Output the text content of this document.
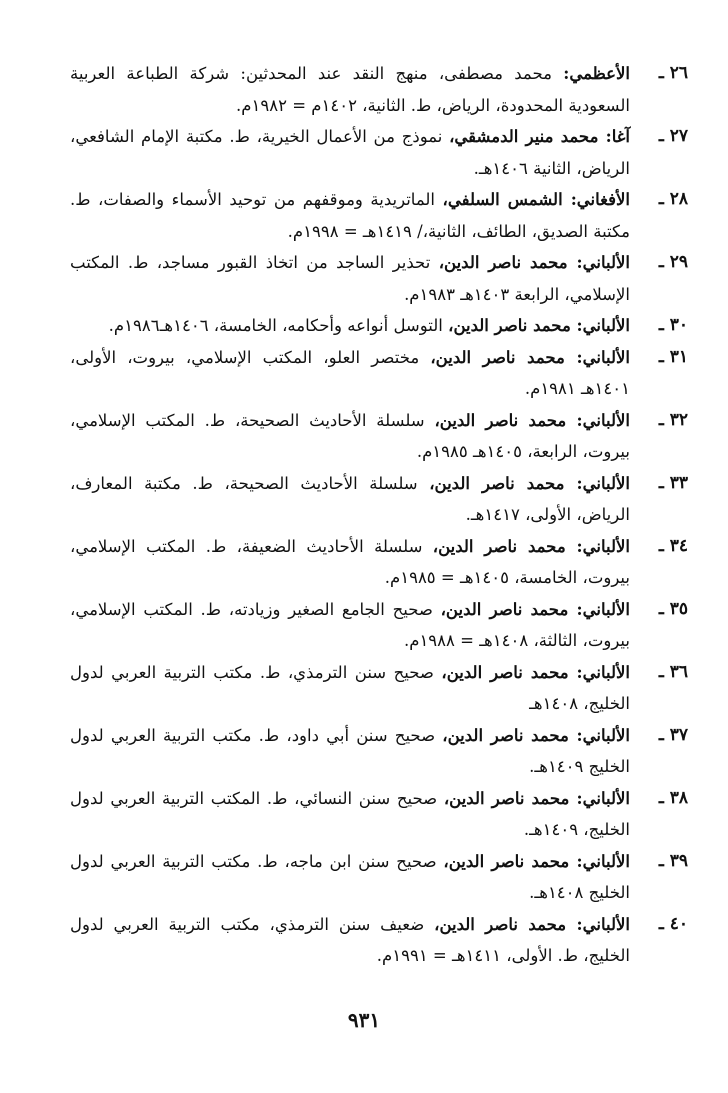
٢٦ ـ
الأعظمي: محمد مصطفى، منهج النقد عند المحدثين: شركة الطباعة العربية السعودية المحدودة، الرياض، ط. الثانية، ١٤٠٢م = ١٩٨٢م.
٢٧ ـ
آغا: محمد منير الدمشقي، نموذج من الأعمال الخيرية، ط. مكتبة الإمام الشافعي، الرياض، الثانية ١٤٠٦هـ.
٢٨ ـ
الأفغاني: الشمس السلفي، الماتريدية وموقفهم من توحيد الأسماء والصفات، ط. مكتبة الصديق، الطائف، الثانية،/ ١٤١٩هـ = ١٩٩٨م.
٢٩ ـ
الألباني: محمد ناصر الدين، تحذير الساجد من اتخاذ القبور مساجد، ط. المكتب الإسلامي، الرابعة ١٤٠٣هـ ١٩٨٣م.
٣٠ ـ
الألباني: محمد ناصر الدين، التوسل أنواعه وأحكامه، الخامسة، ١٤٠٦هـ١٩٨٦م.
٣١ ـ
الألباني: محمد ناصر الدين، مختصر العلو، المكتب الإسلامي، بيروت، الأولى، ١٤٠١هـ ١٩٨١م.
٣٢ ـ
الألباني: محمد ناصر الدين، سلسلة الأحاديث الصحيحة، ط. المكتب الإسلامي، بيروت، الرابعة، ١٤٠٥هـ ١٩٨٥م.
٣٣ ـ
الألباني: محمد ناصر الدين، سلسلة الأحاديث الصحيحة، ط. مكتبة المعارف، الرياض، الأولى، ١٤١٧هـ.
٣٤ ـ
الألباني: محمد ناصر الدين، سلسلة الأحاديث الضعيفة، ط. المكتب الإسلامي، بيروت، الخامسة، ١٤٠٥هـ = ١٩٨٥م.
٣٥ ـ
الألباني: محمد ناصر الدين، صحيح الجامع الصغير وزيادته، ط. المكتب الإسلامي، بيروت، الثالثة، ١٤٠٨هـ = ١٩٨٨م.
٣٦ ـ
الألباني: محمد ناصر الدين، صحيح سنن الترمذي، ط. مكتب التربية العربي لدول الخليج، ١٤٠٨هـ
٣٧ ـ
الألباني: محمد ناصر الدين، صحيح سنن أبي داود، ط. مكتب التربية العربي لدول الخليج ١٤٠٩هـ.
٣٨ ـ
الألباني: محمد ناصر الدين، صحيح سنن النسائي، ط. المكتب التربية العربي لدول الخليج، ١٤٠٩هـ.
٣٩ ـ
الألباني: محمد ناصر الدين، صحيح سنن ابن ماجه، ط. مكتب التربية العربي لدول الخليج ١٤٠٨هـ.
٤٠ ـ
الألباني: محمد ناصر الدين، ضعيف سنن الترمذي، مكتب التربية العربي لدول الخليج، ط. الأولى، ١٤١١هـ = ١٩٩١م.
٩٣١
